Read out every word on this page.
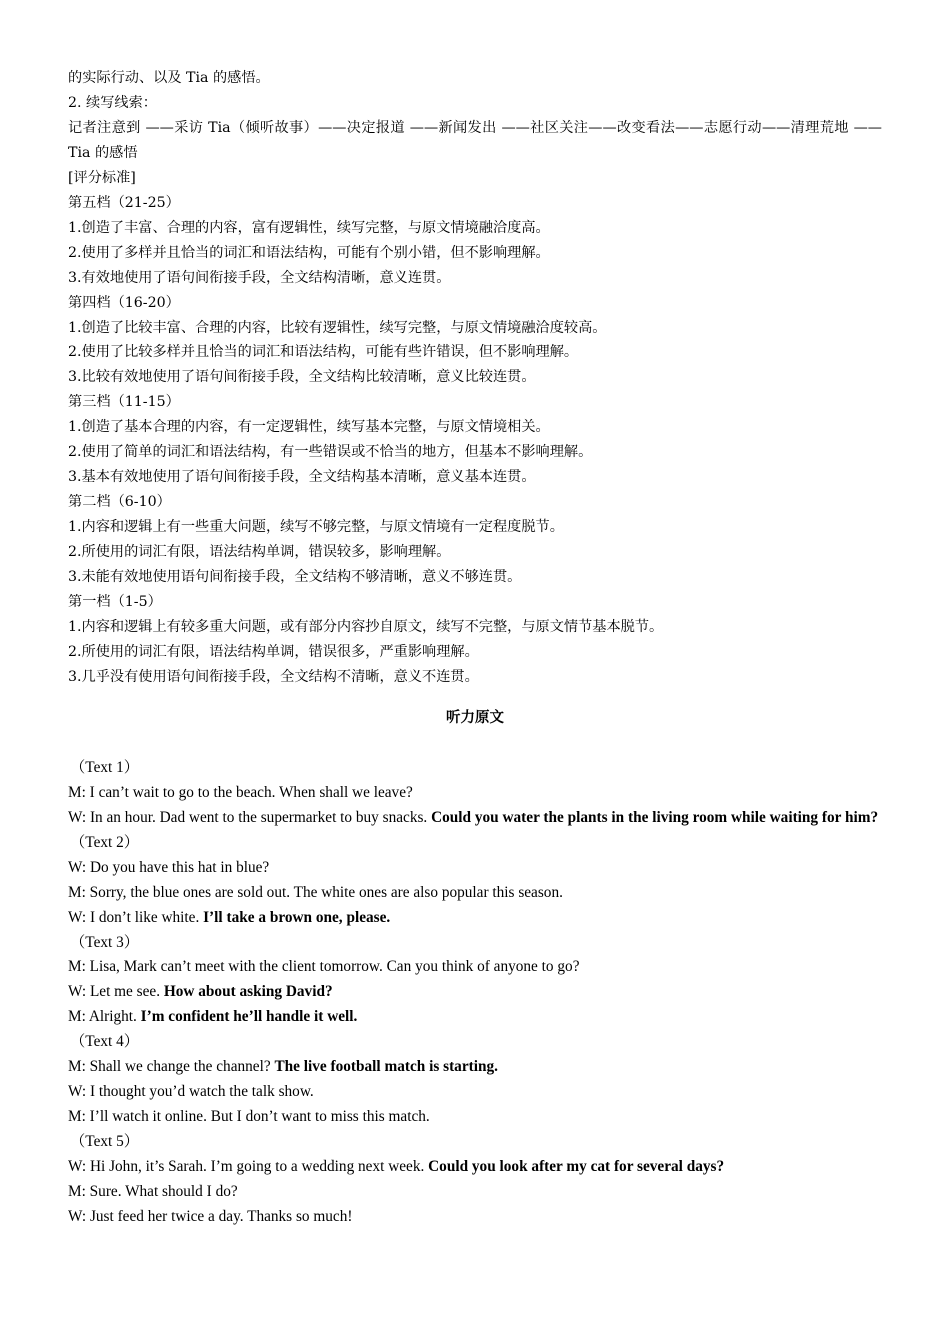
的实际行动、以及 Tia 的感悟。
2. 续写线索：
记者注意到 ——采访 Tia（倾听故事）——决定报道 ——新闻发出 ——社区关注——改变看法——志愿行动——清理荒地 ——Tia 的感悟
[评分标准]
第五档（21-25）
1.创造了丰富、合理的内容，富有逻辑性，续写完整，与原文情境融洽度高。
2.使用了多样并且恰当的词汇和语法结构，可能有个别小错，但不影响理解。
3.有效地使用了语句间衔接手段，全文结构清晰，意义连贯。
第四档（16-20）
1.创造了比较丰富、合理的内容，比较有逻辑性，续写完整，与原文情境融洽度较高。
2.使用了比较多样并且恰当的词汇和语法结构，可能有些许错误，但不影响理解。
3.比较有效地使用了语句间衔接手段，全文结构比较清晰，意义比较连贯。
第三档（11-15）
1.创造了基本合理的内容，有一定逻辑性，续写基本完整，与原文情境相关。
2.使用了简单的词汇和语法结构，有一些错误或不恰当的地方，但基本不影响理解。
3.基本有效地使用了语句间衔接手段，全文结构基本清晰，意义基本连贯。
第二档（6-10）
1.内容和逻辑上有一些重大问题，续写不够完整，与原文情境有一定程度脱节。
2.所使用的词汇有限，语法结构单调，错误较多，影响理解。
3.未能有效地使用语句间衔接手段，全文结构不够清晰，意义不够连贯。
第一档（1-5）
1.内容和逻辑上有较多重大问题，或有部分内容抄自原文，续写不完整，与原文情节基本脱节。
2.所使用的词汇有限，语法结构单调，错误很多，严重影响理解。
3.几乎没有使用语句间衔接手段，全文结构不清晰，意义不连贯。
听力原文
（Text 1）
M: I can’t wait to go to the beach. When shall we leave?
W: In an hour. Dad went to the supermarket to buy snacks. Could you water the plants in the living room while waiting for him?
（Text 2）
W: Do you have this hat in blue?
M: Sorry, the blue ones are sold out. The white ones are also popular this season.
W: I don’t like white. I’ll take a brown one, please.
（Text 3）
M: Lisa, Mark can’t meet with the client tomorrow. Can you think of anyone to go?
W: Let me see. How about asking David?
M: Alright. I’m confident he’ll handle it well.
（Text 4）
M: Shall we change the channel? The live football match is starting.
W: I thought you’d watch the talk show.
M: I’ll watch it online. But I don’t want to miss this match.
（Text 5）
W: Hi John, it’s Sarah. I’m going to a wedding next week. Could you look after my cat for several days?
M: Sure. What should I do?
W: Just feed her twice a day. Thanks so much!
